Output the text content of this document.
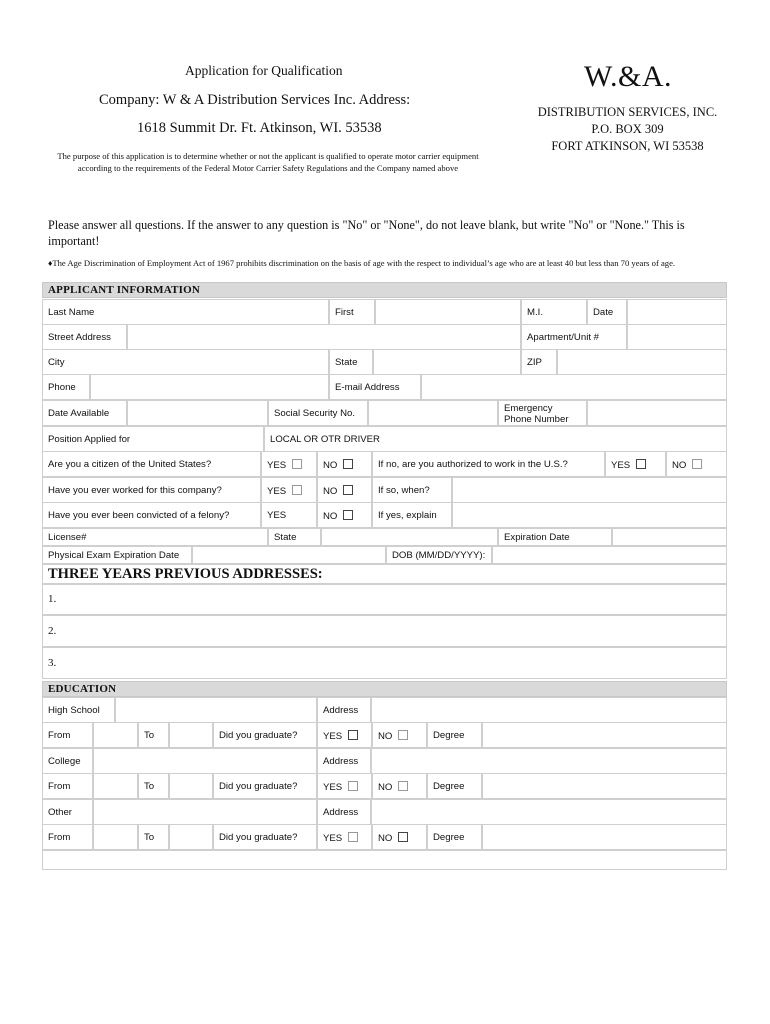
Application for Qualification
Company: W & A Distribution Services Inc. Address:
1618 Summit Dr. Ft. Atkinson, WI. 53538
The purpose of this application is to determine whether or not the applicant is qualified to operate motor carrier equipment according to the requirements of the Federal Motor Carrier Safety Regulations and the Company named above
W.&A.
DISTRIBUTION SERVICES, INC.
P.O. BOX 309
FORT ATKINSON, WI 53538
Please answer all questions. If the answer to any question is "No" or "None", do not leave blank, but write "No" or "None." This is important!
♦The Age Discrimination of Employment Act of 1967 prohibits discrimination on the basis of age with the respect to individual’s age who are at least 40 but less than 70 years of age.
APPLICANT INFORMATION
Last Name	First	M.I.	Date
Street Address	Apartment/Unit #
City	State	ZIP
Phone	E-mail Address
Date Available	Social Security No.	Emergency
Phone Number
Position Applied for	LOCAL OR OTR DRIVER
Are you a citizen of the United States?	YES	NO	If no, are you authorized to work in the U.S.?	YES	NO
Have you ever worked for this company?	YES	NO	If so, when?
Have you ever been convicted of a felony?	YES	NO	If yes, explain
License#	State	Expiration Date
Physical Exam Expiration Date	DOB (MM/DD/YYYY):
THREE YEARS PREVIOUS ADDRESSES:
1.
2.
3.
EDUCATION
High School	Address
From	To	Did you graduate?	YES	NO	Degree
College	Address
From	To	Did you graduate?	YES	NO	Degree
Other	Address
From	To	Did you graduate?	YES	NO	Degree
